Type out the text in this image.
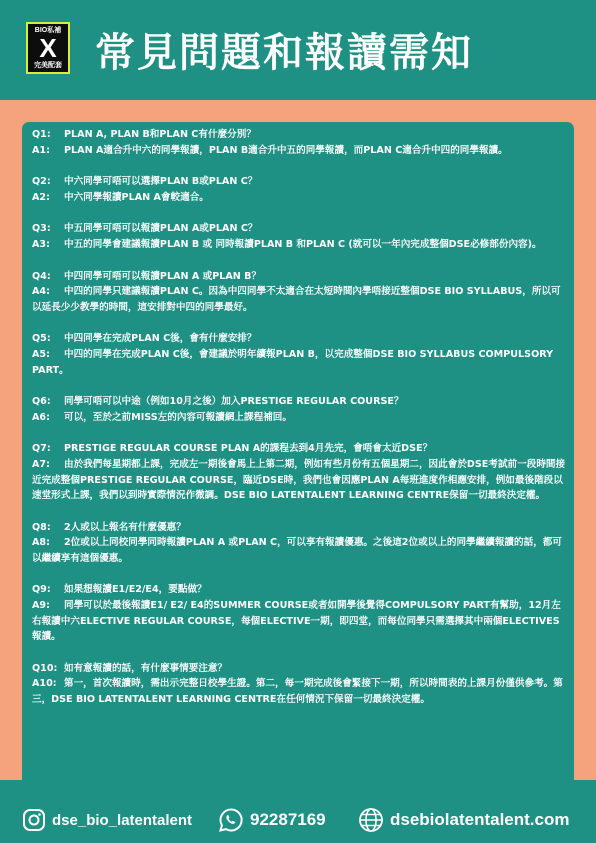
BIO私補
X
完美配套 常見問題和報讀需知

Q1: PLAN A, PLAN B和PLAN C有什麼分別？

A1: PLAN A適合升中六的同學報讀，PLAN B適合升中五的同學報讀，而PLAN C適合升中四的同學報讀。

Q2: 中六同學可唔可以選擇PLAN B或PLAN C？

A2: 中六同學報讀PLAN A會較適合。

Q3: 中五同學可唔可以報讀PLAN A或PLAN C？

A3: 中五的同學會建議報讀PLAN B 或 同時報讀PLAN B 和PLAN C (就可以一年內完成整個DSE必修部份內容)。

Q4: 中四同學可唔可以報讀PLAN A 或PLAN B？

A4: 中四的同學只建議報讀PLAN C。因為中四同學不太適合在太短時間內學唔接近整個DSE BIO SYLLABUS，所以可以延長少少教學的時間，這安排對中四的同學最好。

Q5: 中四同學在完成PLAN C後，會有什麼安排？

A5: 中四的同學在完成PLAN C後，會建議於明年續報PLAN B，以完成整個DSE BIO SYLLABUS COMPULSORY PART。

Q6: 同學可唔可以中途（例如10月之後）加入PRESTIGE REGULAR COURSE？

A6: 可以，至於之前MISS左的內容可報讀網上課程補回。

Q7: PRESTIGE REGULAR COURSE PLAN A的課程去到4月先完，會唔會太近DSE？

A7: 由於我們每星期都上課，完成左一期後會馬上上第二期，例如有些月份有五個星期二，因此會於DSE考試前一段時間接近完成整個PRESTIGE REGULAR COURSE，臨近DSE時，我們也會因應PLAN A每班進度作相應安排，例如最後階段以速堂形式上課，我們以到時實際情況作微調。DSE BIO LATENTALENT LEARNING CENTRE保留一切最終決定權。

Q8: 2人或以上報名有什麼優惠？

A8: 2位或以上同校同學同時報讀PLAN A 或PLAN C，可以享有報讀優惠。之後這2位或以上的同學繼續報讀的話，都可以繼續享有這個優惠。

Q9: 如果想報讀E1/E2/E4，要點做？

A9: 同學可以於最後報讀E1/ E2/ E4的SUMMER COURSE或者如開學後覺得COMPULSORY PART有幫助，12月左右報讀中六ELECTIVE REGULAR COURSE，每個ELECTIVE一期，即四堂，而每位同學只需選擇其中兩個ELECTIVES報讀。

Q10: 如有意報讀的話，有什麼事情要注意？

A10: 第一，首次報讀時，需出示完整日校學生證。第二，每一期完成後會緊接下一期，所以時間表的上課月份僅供參考。第三，DSE BIO LATENTALENT LEARNING CENTRE在任何情況下保留一切最終決定權。

dse_bio_latentalent	92287169	dsebiolatentalent.com
